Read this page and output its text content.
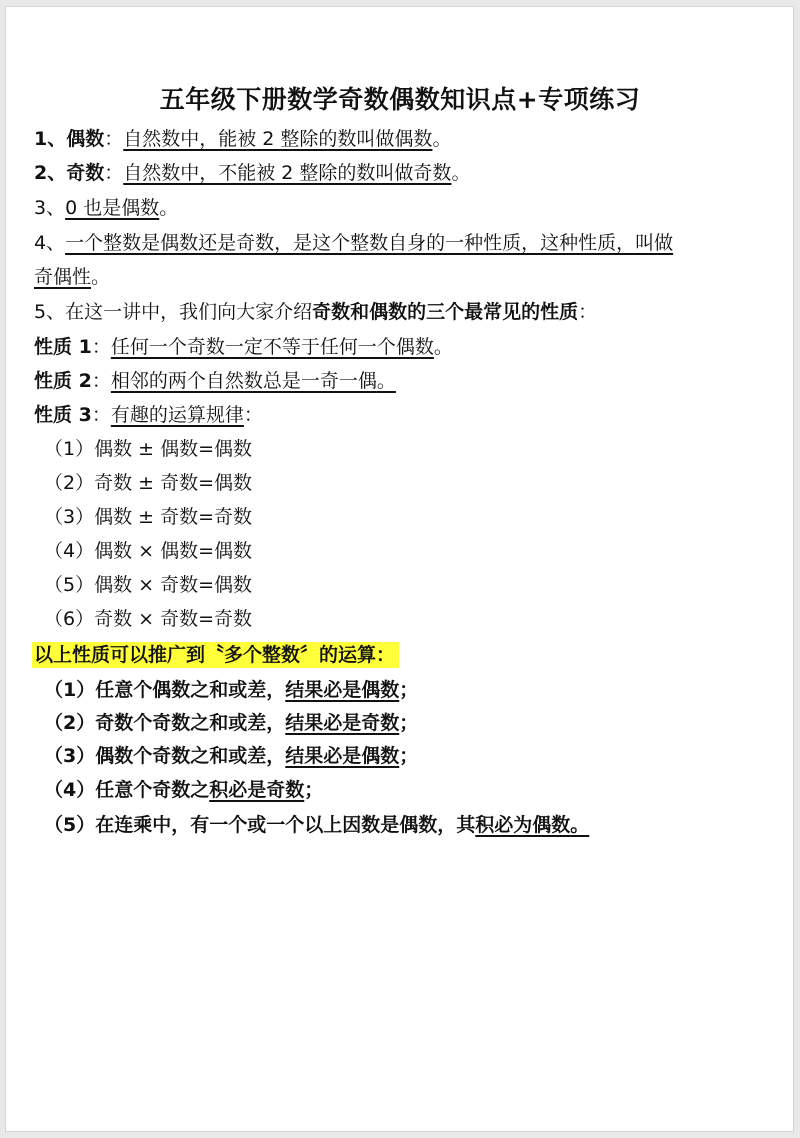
五年级下册数学奇数偶数知识点+专项练习
1、偶数：自然数中，能被 2 整除的数叫做偶数。
2、奇数：自然数中，不能被 2 整除的数叫做奇数。
3、0 也是偶数。
4、一个整数是偶数还是奇数，是这个整数自身的一种性质，这种性质，叫做
奇偶性。
5、在这一讲中，我们向大家介绍奇数和偶数的三个最常见的性质：
性质 1：任何一个奇数一定不等于任何一个偶数。
性质 2：相邻的两个自然数总是一奇一偶。
性质 3：有趣的运算规律：
（1）偶数 ± 偶数=偶数
（2）奇数 ± 奇数=偶数
（3）偶数 ± 奇数=奇数
（4）偶数 × 偶数=偶数
（5）偶数 × 奇数=偶数
（6）奇数 × 奇数=奇数
以上性质可以推广到〝多个整数〞的运算：
（1）任意个偶数之和或差，结果必是偶数；
（2）奇数个奇数之和或差，结果必是奇数；
（3）偶数个奇数之和或差，结果必是偶数；
（4）任意个奇数之积必是奇数；
（5）在连乘中，有一个或一个以上因数是偶数，其积必为偶数。
